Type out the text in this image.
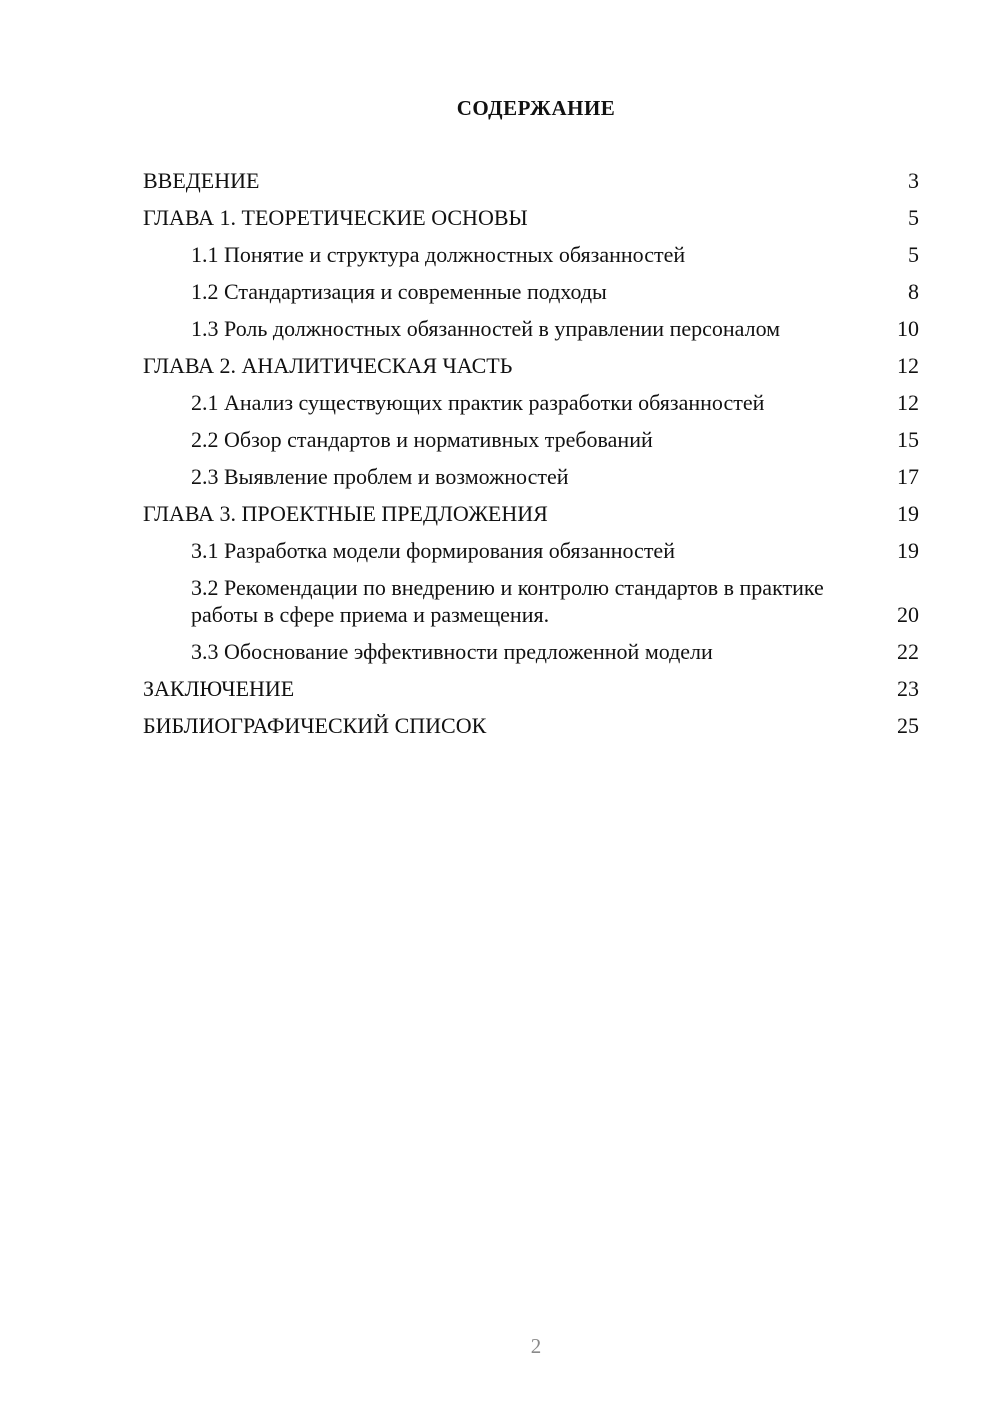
СОДЕРЖАНИЕ
ВВЕДЕНИЕ	3
ГЛАВА 1. ТЕОРЕТИЧЕСКИЕ ОСНОВЫ	5
1.1 Понятие и структура должностных обязанностей	5
1.2 Стандартизация и современные подходы	8
1.3 Роль должностных обязанностей в управлении персоналом	10
ГЛАВА 2. АНАЛИТИЧЕСКАЯ ЧАСТЬ	12
2.1 Анализ существующих практик разработки обязанностей	12
2.2 Обзор стандартов и нормативных требований	15
2.3 Выявление проблем и возможностей	17
ГЛАВА 3. ПРОЕКТНЫЕ ПРЕДЛОЖЕНИЯ	19
3.1 Разработка модели формирования обязанностей	19
3.2 Рекомендации по внедрению и контролю стандартов в практике работы в сфере приема и размещения.	20
3.3 Обоснование эффективности предложенной модели	22
ЗАКЛЮЧЕНИЕ	23
БИБЛИОГРАФИЧЕСКИЙ СПИСОК	25
2
